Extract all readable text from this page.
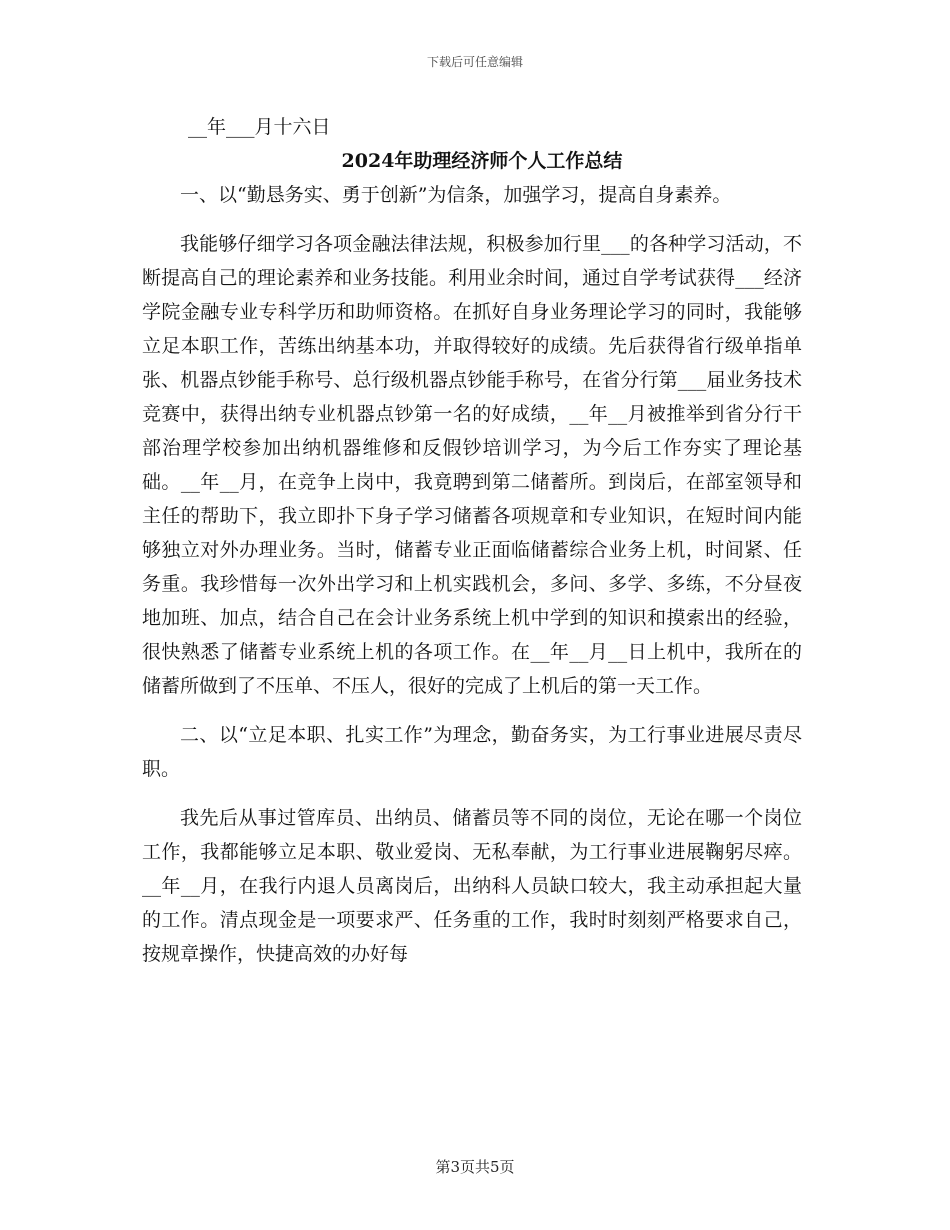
下载后可任意编辑

__年___月十六日

2024年助理经济师个人工作总结

一、以“勤恳务实、勇于创新”为信条，加强学习，提高自身素养。

我能够仔细学习各项金融法律法规，积极参加行里___的各种学习活动，不断提高自己的理论素养和业务技能。利用业余时间，通过自学考试获得___经济学院金融专业专科学历和助师资格。在抓好自身业务理论学习的同时，我能够立足本职工作，苦练出纳基本功，并取得较好的成绩。先后获得省行级单指单张、机器点钞能手称号、总行级机器点钞能手称号，在省分行第___届业务技术竞赛中，获得出纳专业机器点钞第一名的好成绩，__年__月被推举到省分行干部治理学校参加出纳机器维修和反假钞培训学习，为今后工作夯实了理论基础。__年__月，在竞争上岗中，我竟聘到第二储蓄所。到岗后，在部室领导和主任的帮助下，我立即扑下身子学习储蓄各项规章和专业知识，在短时间内能够独立对外办理业务。当时，储蓄专业正面临储蓄综合业务上机，时间紧、任务重。我珍惜每一次外出学习和上机实践机会，多问、多学、多练，不分昼夜地加班、加点，结合自己在会计业务系统上机中学到的知识和摸索出的经验，很快熟悉了储蓄专业系统上机的各项工作。在__年__月__日上机中，我所在的储蓄所做到了不压单、不压人，很好的完成了上机后的第一天工作。

二、以“立足本职、扎实工作”为理念，勤奋务实，为工行事业进展尽责尽职。

我先后从事过管库员、出纳员、储蓄员等不同的岗位，无论在哪一个岗位工作，我都能够立足本职、敬业爱岗、无私奉献，为工行事业进展鞠躬尽瘁。__年__月，在我行内退人员离岗后，出纳科人员缺口较大，我主动承担起大量的工作。清点现金是一项要求严、任务重的工作，我时时刻刻严格要求自己，按规章操作，快捷高效的办好每

第3页共5页
